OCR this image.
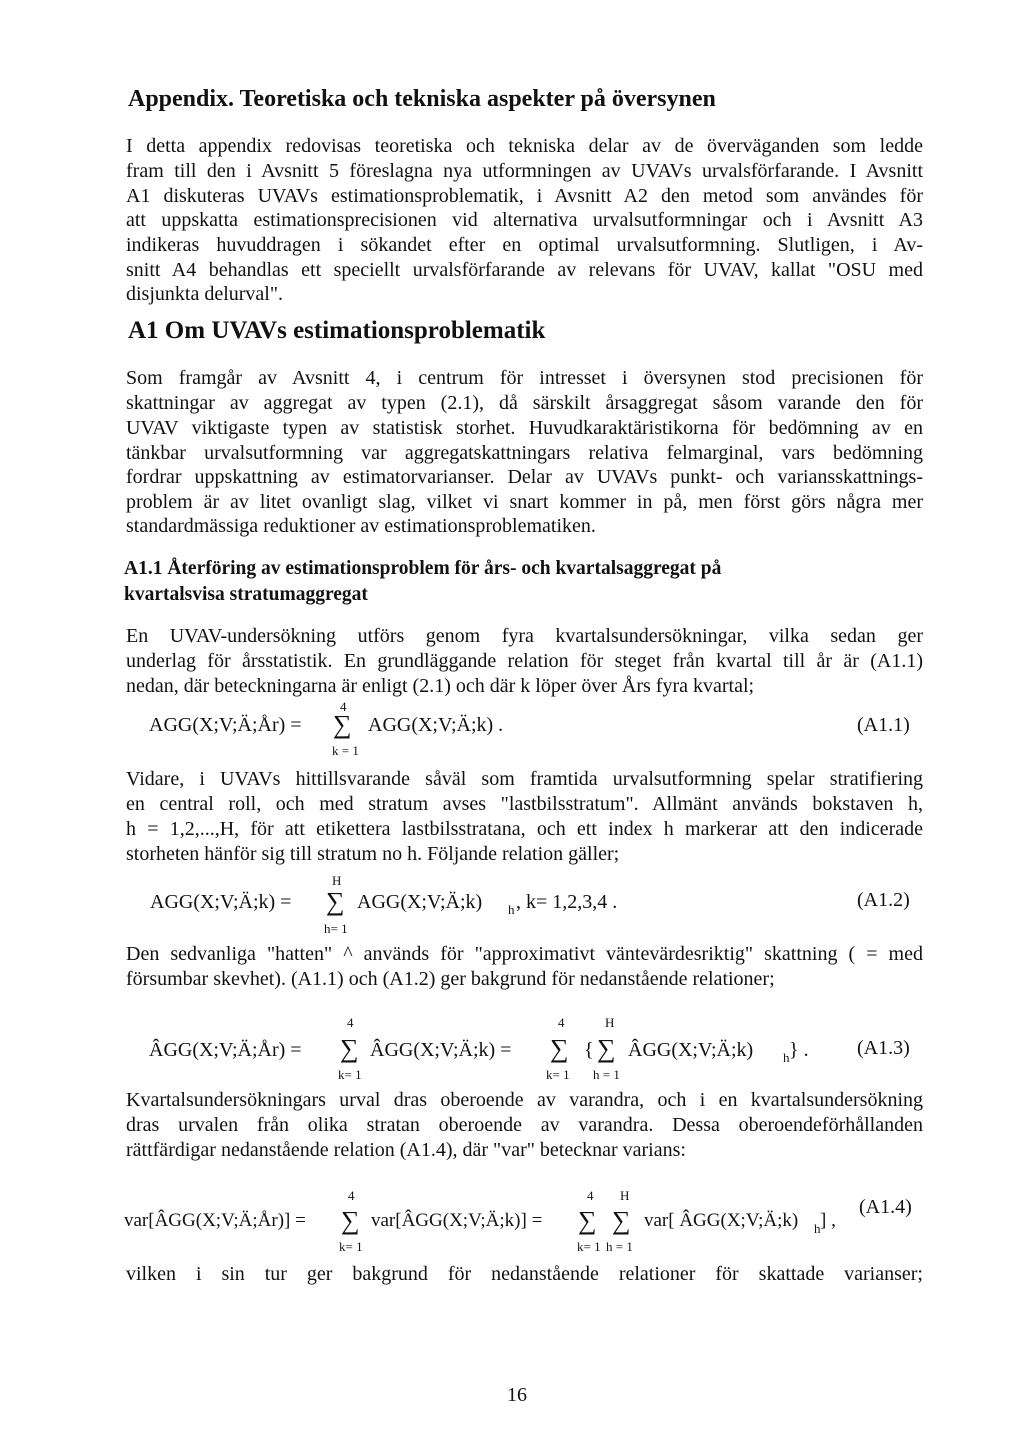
Appendix. Teoretiska och tekniska aspekter på översynen
I detta appendix redovisas teoretiska och tekniska delar av de överväganden som ledde
fram till den i Avsnitt 5 föreslagna nya utformningen av UVAVs urvalsförfarande. I Avsnitt
A1 diskuteras UVAVs estimationsproblematik, i Avsnitt A2 den metod som användes för
att uppskatta estimationsprecisionen vid alternativa urvalsutformningar och i Avsnitt A3
indikeras huvuddragen i sökandet efter en optimal urvalsutformning. Slutligen, i Av-
snitt A4 behandlas ett speciellt urvalsförfarande av relevans för UVAV, kallat "OSU med
disjunkta delurval".
A1 Om UVAVs estimationsproblematik
Som framgår av Avsnitt 4, i centrum för intresset i översynen stod precisionen för
skattningar av aggregat av typen (2.1), då särskilt årsaggregat såsom varande den för
UVAV viktigaste typen av statistisk storhet. Huvudkaraktäristikorna för bedömning av en
tänkbar urvalsutformning var aggregatskattningars relativa felmarginal, vars bedömning
fordrar uppskattning av estimatorvarianser. Delar av UVAVs punkt- och variansskattnings-
problem är av litet ovanligt slag, vilket vi snart kommer in på, men först görs några mer
standardmässiga reduktioner av estimationsproblematiken.
A1.1 Återföring av estimationsproblem för års- och kvartalsaggregat på
kvartalsvisa stratumaggregat
En UVAV-undersökning utförs genom fyra kvartalsundersökningar, vilka sedan ger
underlag för årsstatistik. En grundläggande relation för steget från kvartal till år är (A1.1)
nedan, där beteckningarna är enligt (2.1) och där k löper över Års fyra kvartal;
AGG(X;V;Ä;År) =
4
∑
k = 1
AGG(X;V;Ä;k) .	(A1.1)
Vidare, i UVAVs hittillsvarande såväl som framtida urvalsutformning spelar stratifiering
en central roll, och med stratum avses "lastbilsstratum". Allmänt används bokstaven h,
h = 1,2,...,H, för att etikettera lastbilsstratana, och ett index h markerar att den indicerade
storheten hänför sig till stratum no h. Följande relation gäller;
AGG(X;V;Ä;k) =
H
∑
h= 1
AGG(X;V;Ä;k) h , k= 1,2,3,4 .	(A1.2)
Den sedvanliga "hatten" ^ används för "approximativt väntevärdesriktig" skattning ( = med
försumbar skevhet). (A1.1) och (A1.2) ger bakgrund för nedanstående relationer;
ÂGG(X;V;Ä;År) =
4
∑
k= 1
ÂGG(X;V;Ä;k) =
4
∑
k= 1
{
H
∑
h = 1
ÂGG(X;V;Ä;k) h } . (A1.3)
Kvartalsundersökningars urval dras oberoende av varandra, och i en kvartalsundersökning
dras urvalen från olika stratan oberoende av varandra. Dessa oberoendeförhållanden
rättfärdigar nedanstående relation (A1.4), där "var" betecknar varians:
var[ÂGG(X;V;Ä;År)] =
4
∑
k= 1
var[ÂGG(X;V;Ä;k)] =
4
∑
k= 1
H
∑
h = 1
var[ ÂGG(X;V;Ä;k) h ] ,
(A1.4)
vilken i sin tur ger bakgrund för nedanstående relationer för skattade varianser;
16
